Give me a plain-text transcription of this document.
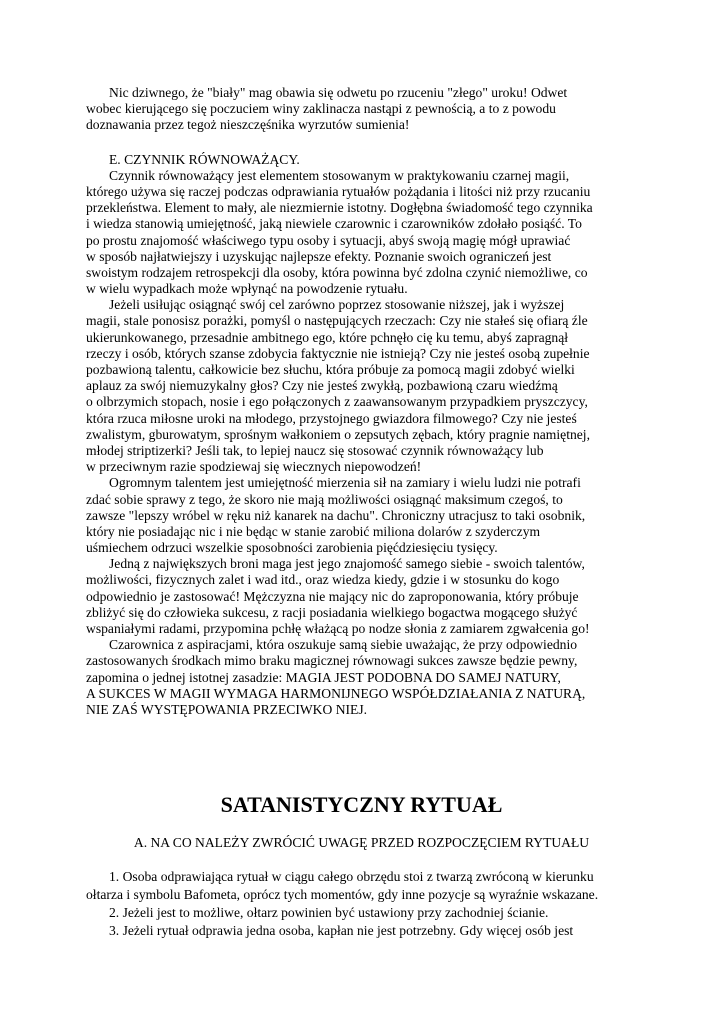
Nic dziwnego, że "biały" mag obawia się odwetu po rzuceniu "złego" uroku! Odwet
wobec kierującego się poczuciem winy zaklinacza nastąpi z pewnością, a to z powodu
doznawania przez tegoż nieszczęśnika wyrzutów sumienia!
E. CZYNNIK RÓWNOWAŻĄCY.
Czynnik równoważący jest elementem stosowanym w praktykowaniu czarnej magii,
którego używa się raczej podczas odprawiania rytuałów pożądania i litości niż przy rzucaniu
przekleństwa. Element to mały, ale niezmiernie istotny. Dogłębna świadomość tego czynnika
i wiedza stanowią umiejętność, jaką niewiele czarownic i czarowników zdołało posiąść. To
po prostu znajomość właściwego typu osoby i sytuacji, abyś swoją magię mógł uprawiać
w sposób najłatwiejszy i uzyskując najlepsze efekty. Poznanie swoich ograniczeń jest
swoistym rodzajem retrospekcji dla osoby, która powinna być zdolna czynić niemożliwe, co
w wielu wypadkach może wpłynąć na powodzenie rytuału.
Jeżeli usiłując osiągnąć swój cel zarówno poprzez stosowanie niższej, jak i wyższej
magii, stale ponosisz porażki, pomyśl o następujących rzeczach: Czy nie stałeś się ofiarą źle
ukierunkowanego, przesadnie ambitnego ego, które pchnęło cię ku temu, abyś zapragnął
rzeczy i osób, których szanse zdobycia faktycznie nie istnieją? Czy nie jesteś osobą zupełnie
pozbawioną talentu, całkowicie bez słuchu, która próbuje za pomocą magii zdobyć wielki
aplauz za swój niemuzykalny głos? Czy nie jesteś zwykłą, pozbawioną czaru wiedźmą
o olbrzymich stopach, nosie i ego połączonych z zaawansowanym przypadkiem pryszczycy,
która rzuca miłosne uroki na młodego, przystojnego gwiazdora filmowego? Czy nie jesteś
zwalistym, gburowatym, sprośnym wałkoniem o zepsutych zębach, który pragnie namiętnej,
młodej striptizerki? Jeśli tak, to lepiej naucz się stosować czynnik równoważący lub
w przeciwnym razie spodziewaj się wiecznych niepowodzeń!
Ogromnym talentem jest umiejętność mierzenia sił na zamiary i wielu ludzi nie potrafi
zdać sobie sprawy z tego, że skoro nie mają możliwości osiągnąć maksimum czegoś, to
zawsze "lepszy wróbel w ręku niż kanarek na dachu". Chroniczny utracjusz to taki osobnik,
który nie posiadając nic i nie będąc w stanie zarobić miliona dolarów z szyderczym
uśmiechem odrzuci wszelkie sposobności zarobienia pięćdziesięciu tysięcy.
Jedną z największych broni maga jest jego znajomość samego siebie - swoich talentów,
możliwości, fizycznych zalet i wad itd., oraz wiedza kiedy, gdzie i w stosunku do kogo
odpowiednio je zastosować! Mężczyzna nie mający nic do zaproponowania, który próbuje
zbliżyć się do człowieka sukcesu, z racji posiadania wielkiego bogactwa mogącego służyć
wspaniałymi radami, przypomina pchłę włażącą po nodze słonia z zamiarem zgwałcenia go!
Czarownica z aspiracjami, która oszukuje samą siebie uważając, że przy odpowiednio
zastosowanych środkach mimo braku magicznej równowagi sukces zawsze będzie pewny,
zapomina o jednej istotnej zasadzie: MAGIA JEST PODOBNA DO SAMEJ NATURY,
A SUKCES W MAGII WYMAGA HARMONIJNEGO WSPÓŁDZIAŁANIA Z NATURĄ,
NIE ZAŚ WYSTĘPOWANIA PRZECIWKO NIEJ.
SATANISTYCZNY RYTUAŁ
A. NA CO NALEŻY ZWRÓCIĆ UWAGĘ PRZED ROZPOCZĘCIEM RYTUAŁU
1. Osoba odprawiająca rytuał w ciągu całego obrzędu stoi z twarzą zwróconą w kierunku
ołtarza i symbolu Bafometa, oprócz tych momentów, gdy inne pozycje są wyraźnie wskazane.
2. Jeżeli jest to możliwe, ołtarz powinien być ustawiony przy zachodniej ścianie.
3. Jeżeli rytuał odprawia jedna osoba, kapłan nie jest potrzebny. Gdy więcej osób jest
